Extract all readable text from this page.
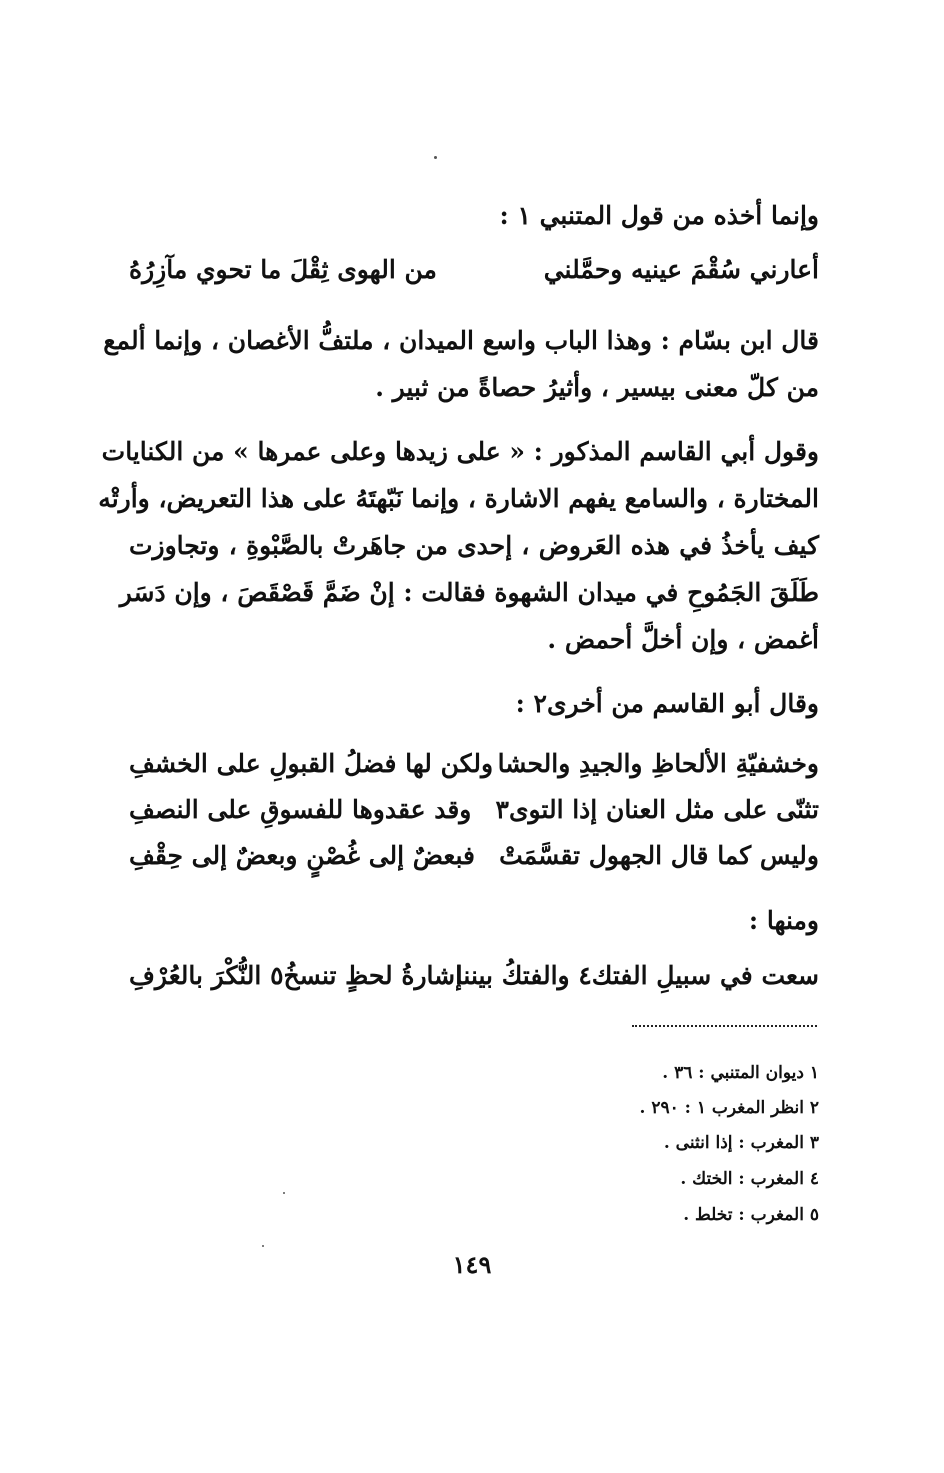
وإنما أخذه من قول المتنبي ١ :
أعارني سُقْمَ عينيه وحمَّلني
من الهوى ثِقْلَ ما تحوي مآزِرُهُ
قال ابن بسّام : وهذا الباب واسع الميدان ، ملتفُّ الأغصان ، وإنما ألمع
من كلّ معنى بيسير ، وأثيرُ حصاةً من ثبير .
وقول أبي القاسم المذكور : « على زيدها وعلى عمرها » من الكنايات
المختارة ، والسامع يفهم الاشارة ، وإنما نَبّهتَهُ على هذا التعريض، وأرتْه
كيف يأخذُ في هذه العَروض ، إحدى من جاهَرتْ بالصَّبْوةِ ، وتجاوزت
طَلَقَ الجَمُوحِ في ميدان الشهوة فقالت : إنْ ضَمَّ قَصْقَصَ ، وإن دَسَر
أغمض ، وإن أخلَّ أحمض .
وقال أبو القاسم من أخرى٢ :
وخشفيّةِ الألحاظِ والجيدِ والحشا
ولكن لها فضلُ القبولِ على الخشفِ
تثنّى على مثل العنان إذا التوى٣
وقد عقدوها للفسوقِ على النصفِ
وليس كما قال الجهول تقسَّمَتْ
فبعضٌ إلى غُصْنٍ وبعضٌ إلى حِقْفِ
ومنها :
سعت في سبيلِ الفتك٤ والفتكُ بيننا
إشارةُ لحظٍ تنسخُ٥ النُّكْرَ بالعُرْفِ
١ ديوان المتنبي : ٣٦ .
٢ انظر المغرب ١ : ٢٩٠ .
٣ المغرب : إذا انثنى .
٤ المغرب : الختك .
٥ المغرب : تخلط .
١٤٩
